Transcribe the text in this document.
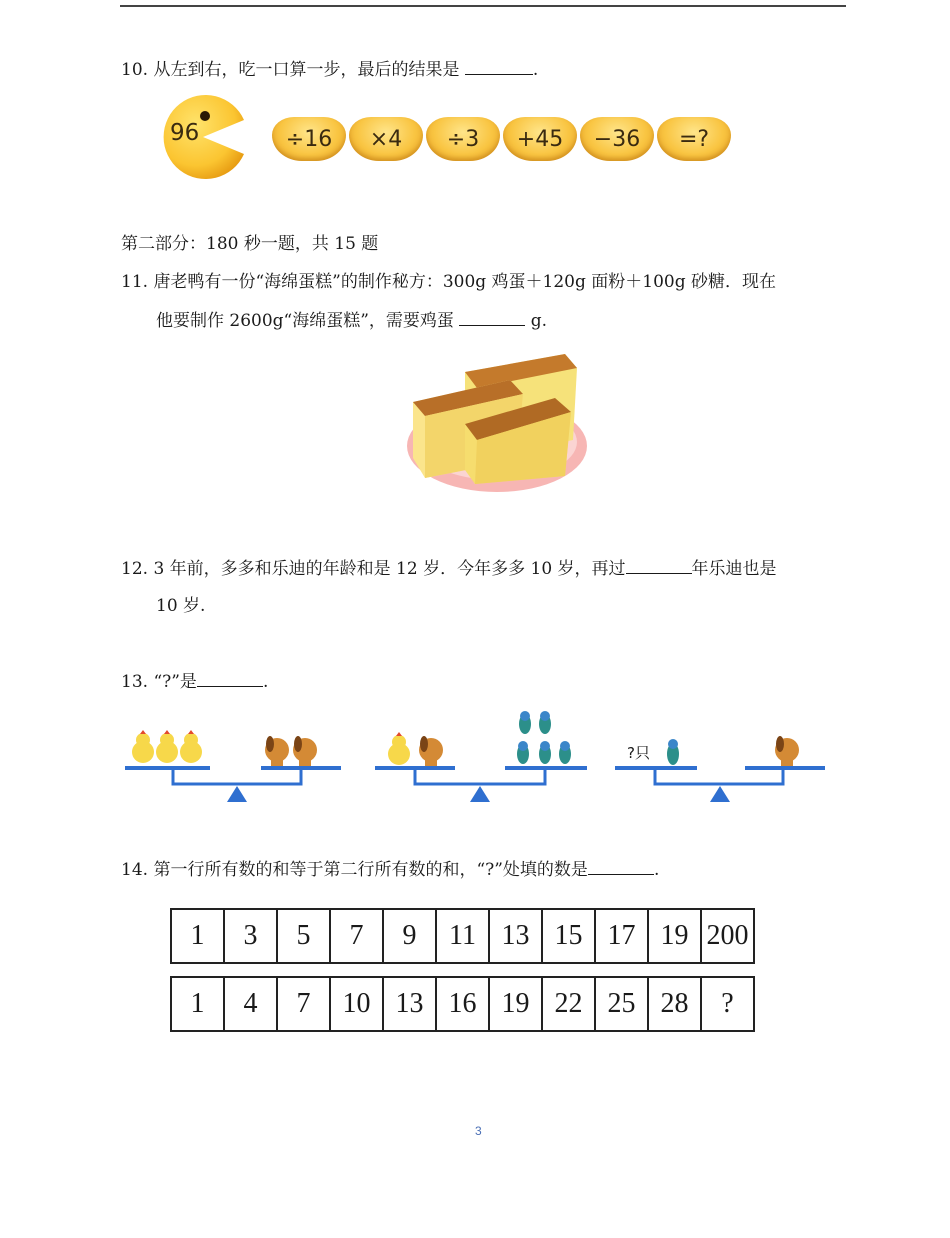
10. 从左到右，吃一口算一步，最后的结果是	.
96	÷16	×4	÷3	+45	−36	=?
第二部分：180 秒一题，共 15 题
11. 唐老鸭有一份“海绵蛋糕”的制作秘方：300g 鸡蛋＋120g 面粉＋100g 砂糖．现在
他要制作 2600g“海绵蛋糕”，需要鸡蛋	g.
12. 3 年前，多多和乐迪的年龄和是 12 岁．今年多多 10 岁，再过	年乐迪也是
10 岁.
13. “?”是	.
?只
14. 第一行所有数的和等于第二行所有数的和，“?”处填的数是	.
1	3	5	7	9	11	13	15	17	19	200
1	4	7	10	13	16	19	22	25	28	?
3
